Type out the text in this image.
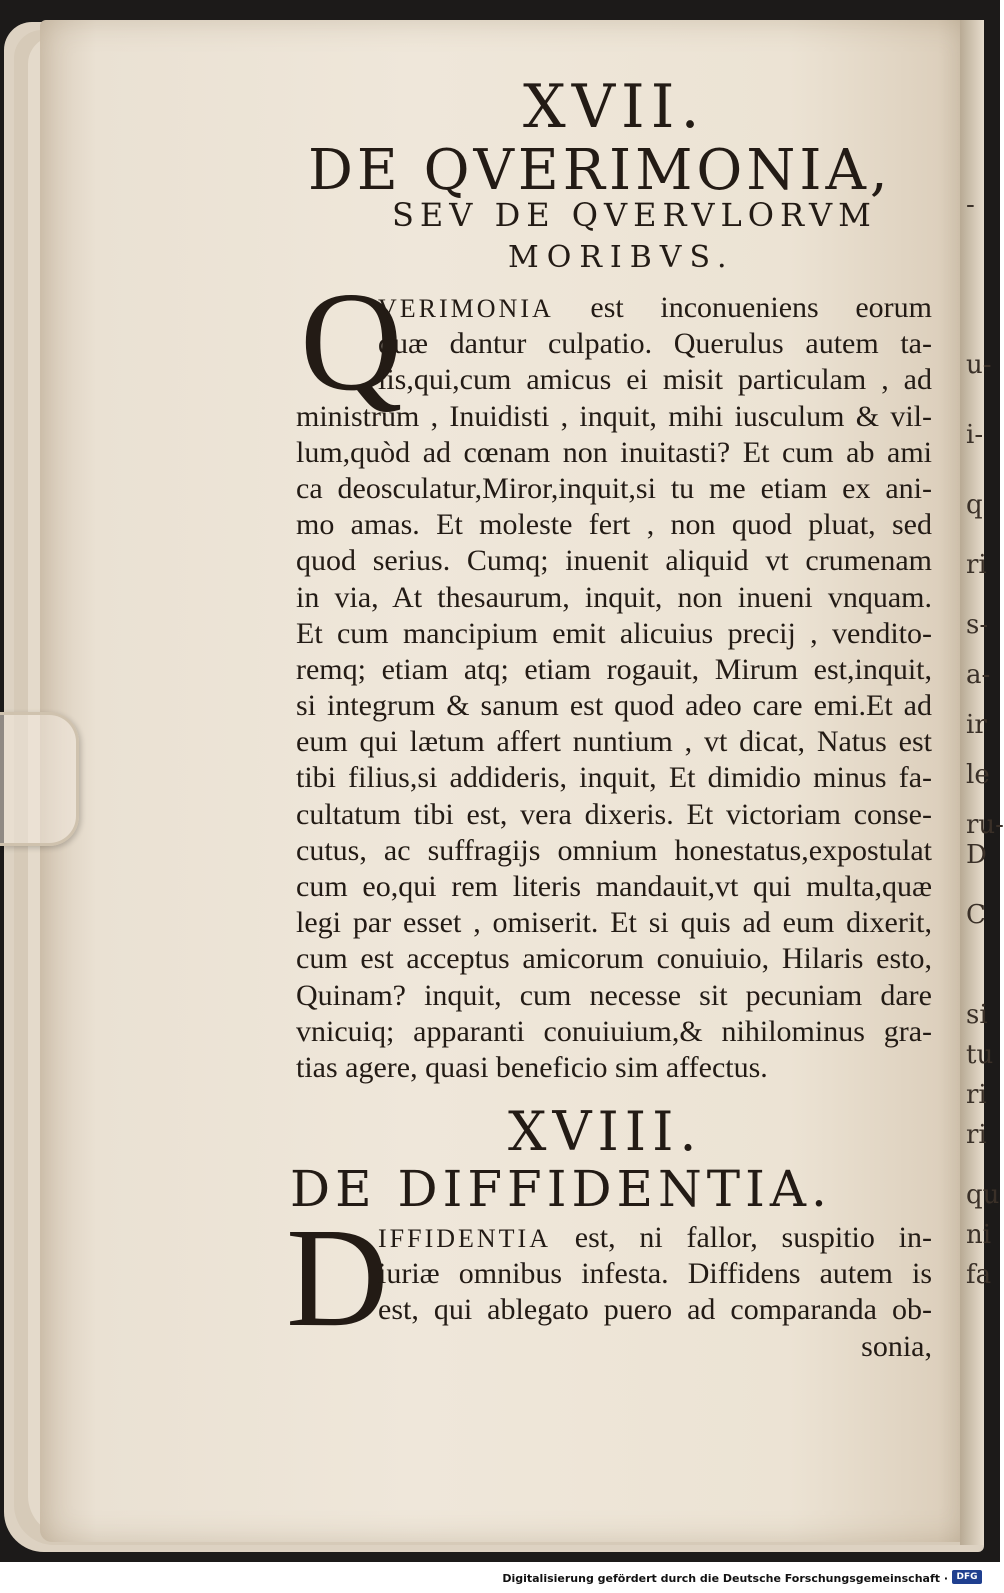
-
u-
i-
q
ri
s-
a-
ir
le
ru-
D
C
si
tu
ri
ri
qu
ni
fa
XVII.
DE QVERIMONIA,
SEV DE QVERVLORVM
MORIBVS.
Q
VERIMONIA est inconueniens eorum
quæ dantur culpatio. Querulus autem ta-
lis,qui,cum amicus ei misit particulam , ad
ministrum , Inuidisti , inquit, mihi iusculum & vil-
lum,quòd ad cœnam non inuitasti? Et cum ab ami
ca deosculatur,Miror,inquit,si tu me etiam ex ani-
mo amas. Et moleste fert , non quod pluat, sed
quod serius. Cumq; inuenit aliquid vt crumenam
in via, At thesaurum, inquit, non inueni vnquam.
Et cum mancipium emit alicuius precij , vendito-
remq; etiam atq; etiam rogauit, Mirum est,inquit,
si integrum & sanum est quod adeo care emi.Et ad
eum qui lætum affert nuntium , vt dicat, Natus est
tibi filius,si addideris, inquit, Et dimidio minus fa-
cultatum tibi est, vera dixeris. Et victoriam conse-
cutus, ac suffragijs omnium honestatus,expostulat
cum eo,qui rem literis mandauit,vt qui multa,quæ
legi par esset , omiserit. Et si quis ad eum dixerit,
cum est acceptus amicorum conuiuio, Hilaris esto,
Quinam? inquit, cum necesse sit pecuniam dare
vnicuiq; apparanti conuiuium,& nihilominus gra-
tias agere, quasi beneficio sim affectus.
XVIII.
DE DIFFIDENTIA.
D
IFFIDENTIA est, ni fallor, suspitio in-
iuriæ omnibus infesta. Diffidens autem is
est, qui ablegato puero ad comparanda ob-
sonia,
Digitalisierung gefördert durch die Deutsche Forschungsgemeinschaft · DFG
